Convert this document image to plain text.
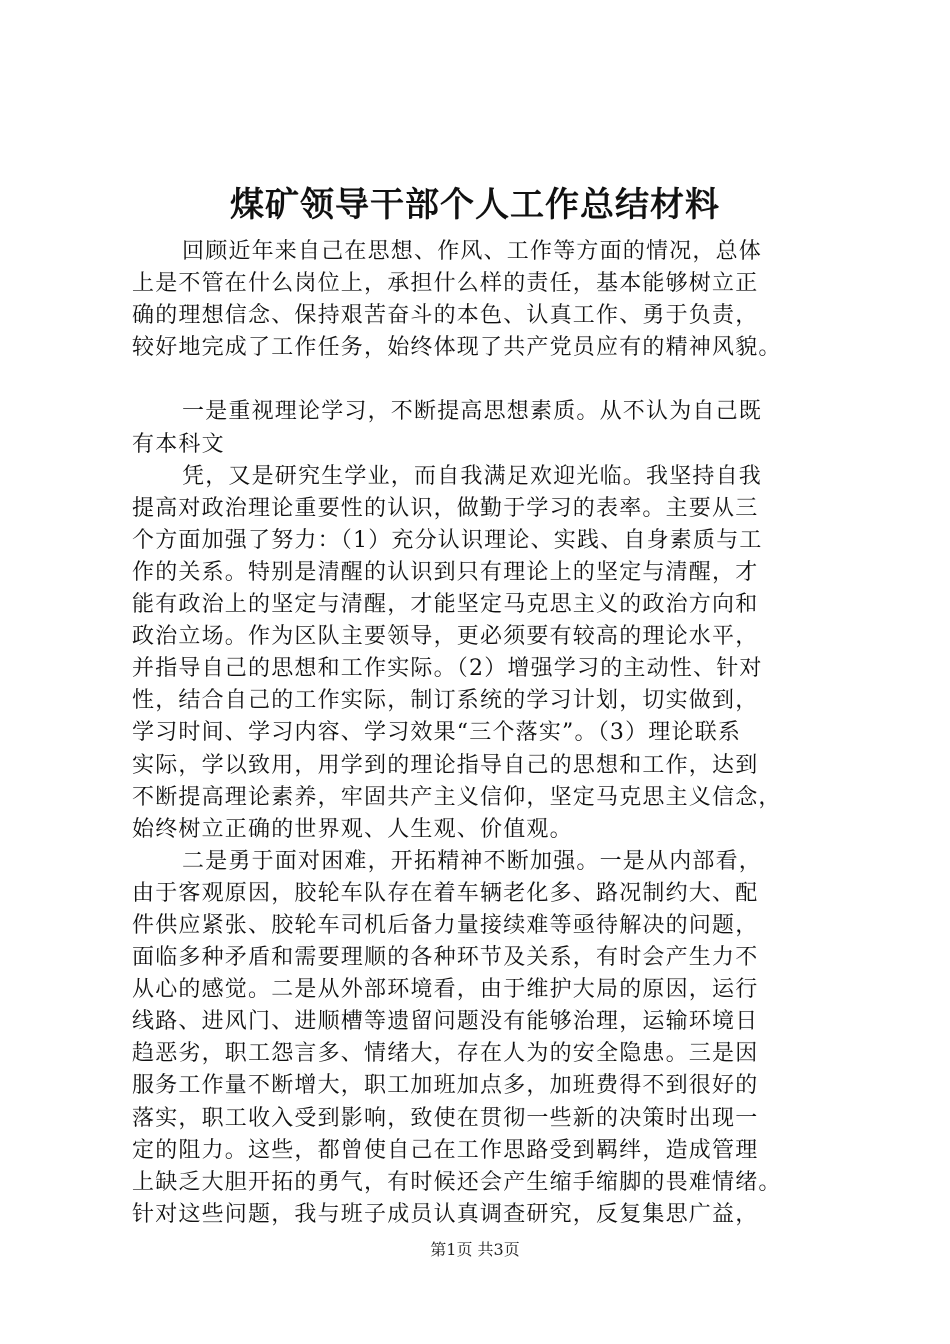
煤矿领导干部个人工作总结材料
回顾近年来自己在思想、作风、工作等方面的情况，总体
上是不管在什么岗位上，承担什么样的责任，基本能够树立正
确的理想信念、保持艰苦奋斗的本色、认真工作、勇于负责，
较好地完成了工作任务，始终体现了共产党员应有的精神风貌。
一是重视理论学习，不断提高思想素质。从不认为自己既
有本科文
凭，又是研究生学业，而自我满足欢迎光临。我坚持自我
提高对政治理论重要性的认识，做勤于学习的表率。主要从三
个方面加强了努力：（1）充分认识理论、实践、自身素质与工
作的关系。特别是清醒的认识到只有理论上的坚定与清醒，才
能有政治上的坚定与清醒，才能坚定马克思主义的政治方向和
政治立场。作为区队主要领导，更必须要有较高的理论水平，
并指导自己的思想和工作实际。（2）增强学习的主动性、针对
性，结合自己的工作实际，制订系统的学习计划，切实做到，
学习时间、学习内容、学习效果“三个落实”。（3）理论联系
实际，学以致用，用学到的理论指导自己的思想和工作，达到
不断提高理论素养，牢固共产主义信仰，坚定马克思主义信念，
始终树立正确的世界观、人生观、价值观。
二是勇于面对困难，开拓精神不断加强。一是从内部看，
由于客观原因，胶轮车队存在着车辆老化多、路况制约大、配
件供应紧张、胶轮车司机后备力量接续难等亟待解决的问题，
面临多种矛盾和需要理顺的各种环节及关系，有时会产生力不
从心的感觉。二是从外部环境看，由于维护大局的原因，运行
线路、进风门、进顺槽等遗留问题没有能够治理，运输环境日
趋恶劣，职工怨言多、情绪大，存在人为的安全隐患。三是因
服务工作量不断增大，职工加班加点多，加班费得不到很好的
落实，职工收入受到影响，致使在贯彻一些新的决策时出现一
定的阻力。这些，都曾使自己在工作思路受到羁绊，造成管理
上缺乏大胆开拓的勇气，有时候还会产生缩手缩脚的畏难情绪。
针对这些问题，我与班子成员认真调查研究，反复集思广益，
第1页 共3页
